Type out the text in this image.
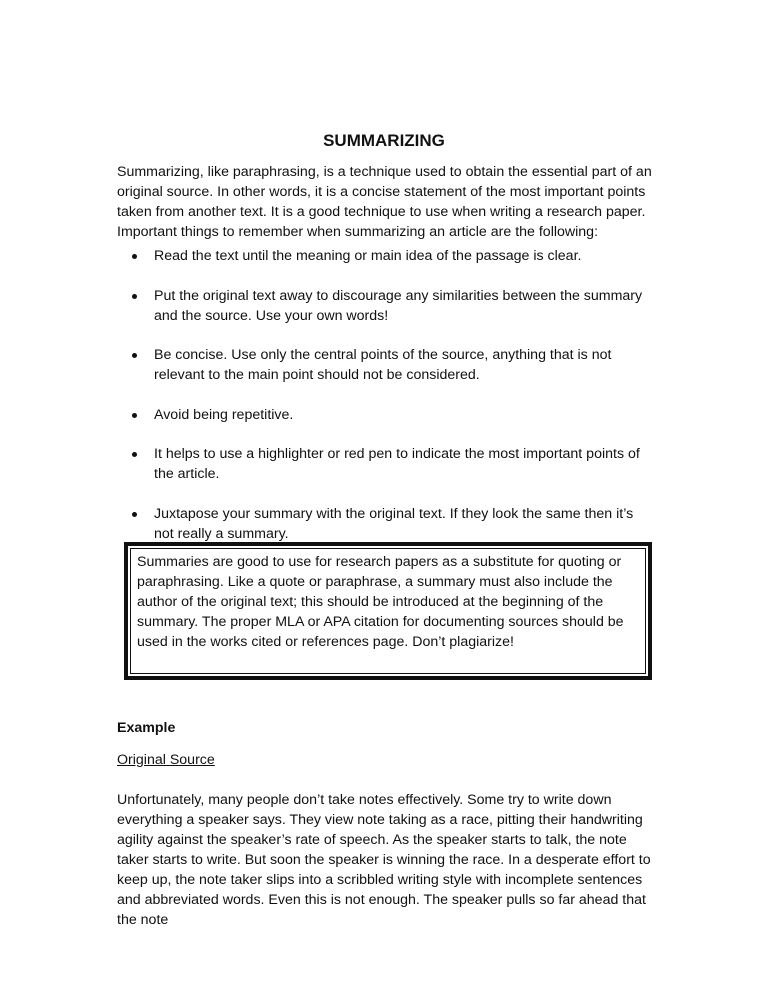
SUMMARIZING

Summarizing, like paraphrasing, is a technique used to obtain the essential part of an original source. In other words, it is a concise statement of the most important points taken from another text. It is a good technique to use when writing a research paper. Important things to remember when summarizing an article are the following:

Read the text until the meaning or main idea of the passage is clear.
Put the original text away to discourage any similarities between the summary and the source. Use your own words!
Be concise. Use only the central points of the source, anything that is not relevant to the main point should not be considered.
Avoid being repetitive.
It helps to use a highlighter or red pen to indicate the most important points of the article.
Juxtapose your summary with the original text. If they look the same then it’s not really a summary.
Summaries are good to use for research papers as a substitute for quoting or paraphrasing. Like a quote or paraphrase, a summary must also include the author of the original text; this should be introduced at the beginning of the summary. The proper MLA or APA citation for documenting sources should be used in the works cited or references page. Don’t plagiarize!

Example

Original Source

Unfortunately, many people don’t take notes effectively. Some try to write down everything a speaker says. They view note taking as a race, pitting their handwriting agility against the speaker’s rate of speech. As the speaker starts to talk, the note taker starts to write. But soon the speaker is winning the race. In a desperate effort to keep up, the note taker slips into a scribbled writing style with incomplete sentences and abbreviated words. Even this is not enough. The speaker pulls so far ahead that the note
